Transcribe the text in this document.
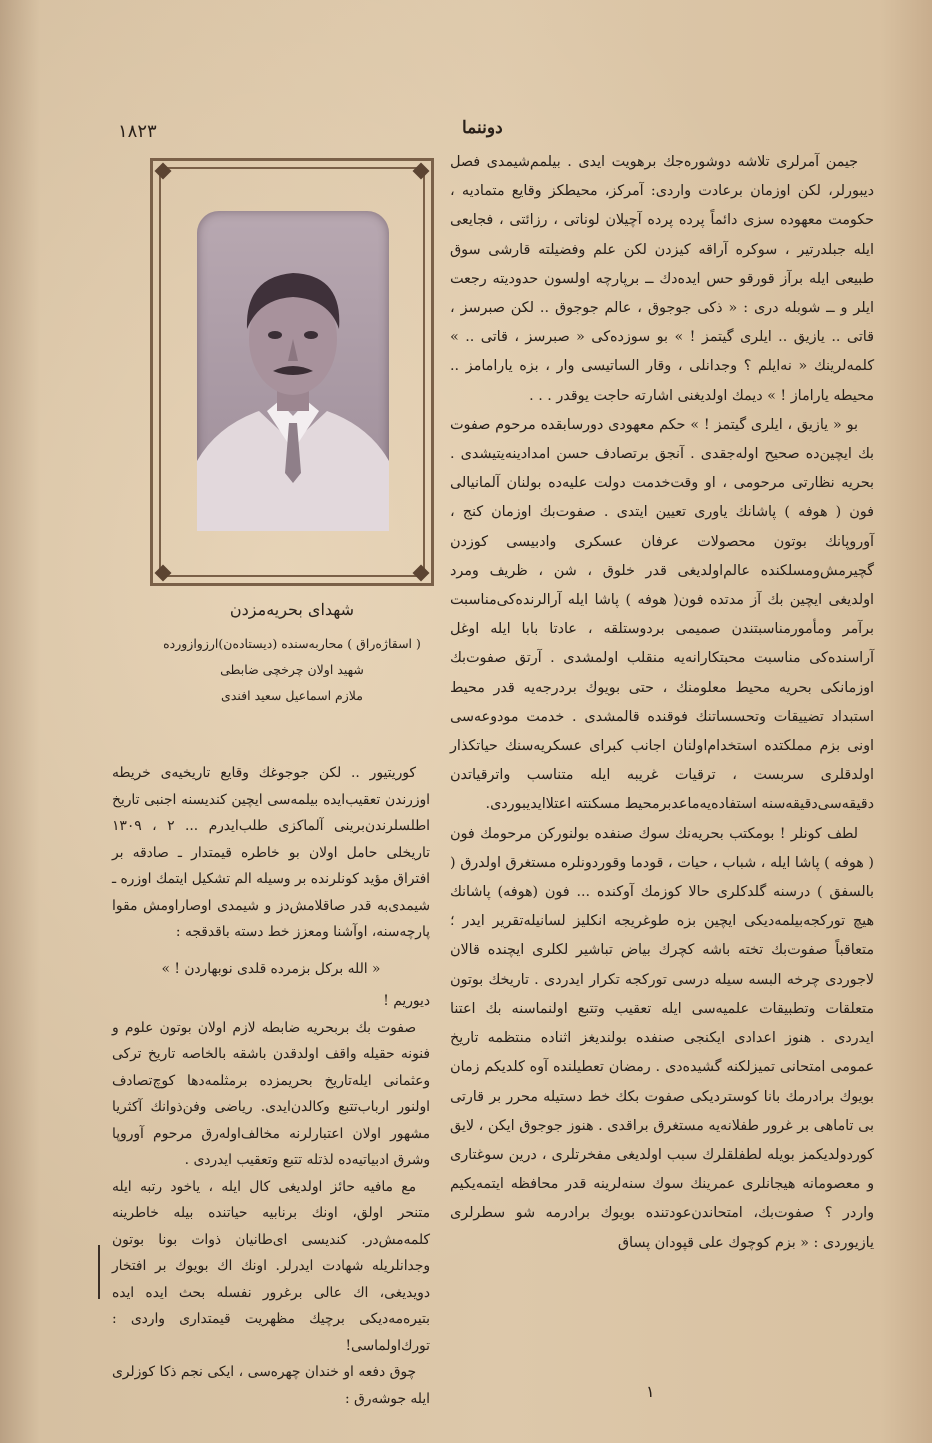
١٨٢٣	دوننما

جیمن آمرلری تلاشه دوشوره‌جك برهویت ایدی . بیلمم‌شیمدی فصل دیبورلر، لکن اوزمان برعادت واردی: آمرکز، محیطکز وقایع متمادیه ، حکومت معهوده سزی دائماً پرده پرده آچیلان لوناتی ، رزائتی ، فجایعی ایله جبلدرتیر ، سوکره آراقه کیزدن لکن علم وفضیلته قارشی سوق طبیعی ایله برآز قورقو حس ایده‌دك ــ برپارچه اولسون حدودیته رجعت ایلر و ــ شوبله دری : « ذکی جوجوق ، عالم جوجوق .. لکن صبرسز ، قاتی .. یازیق .. ایلری گیتمز ! » بو سوزده‌کی « صبرسز ، قاتی .. » کلمه‌لرینك « نه‌ایلم ؟ وجدانلی ، وقار الساتیسی وار ، بزه یارامامز .. محیطه یاراماز ! » دیمك اولدیغنی اشارته حاجت یوقدر . . .

بو « یازیق ، ایلری گیتمز ! » حکم معهودی دورسابقده مرحوم صفوت بك ایچین‌ده صحیح اوله‌جقدی . آنجق برتصادف حسن امدادینه‌یتیشدی . بحریه نظارتی مرحومی ، او وقت‌خدمت دولت علیه‌ده بولنان آلمانیالی فون ( هوفه ) پاشانك یاوری تعیین ایتدی . صفوت‌بك اوزمان کنج ، آورو‌پانك بوتون محصولات عرفان عسکری وادبیسی کوزدن گچیرمش‌ومسلکنده عالم‌اولدیغی قدر خلوق ، شن ، ظریف ومرد اولدیغی ایچین بك آز مدتده فون( هوفه ) پاشا ایله آرالرنده‌کی‌مناسبت برآمر ومأمورمناسبتندن صمیمی بردوستلقه ، عادتا بابا ایله اوغل آراسنده‌کی مناسبت محبتکارانه‌یه منقلب اولمشدی . آرتق صفوت‌بك اوزمانکی بحریه محیط معلومنك ، حتی بویوك بردرجه‌یه قدر محیط استبداد تضییقات وتحسساتنك فوقنده قالمشدی . خدمت مودوعه‌سی اونی بزم مملکتده استخدام‌اولنان اجانب کبرای عسکریه‌سنك حیاتکذار اولدقلری سربست ، ترقیات غریبه ایله متناسب واترقیاتدن دقیقه‌سی‌دقیقه‌سنه استفاده‌یه‌ماعدبرمحیط مسکنته اعتلاایدیبوردی.

لطف کونلر ! بومکتب بحریه‌نك سوك صنفده بولنورکن مرحومك فون ( هوفه ) پاشا ایله ، شباب ، حیات ، قودما وقوردونلره مستغرق اولدرق ( بالسفق ) درسنه گلدکلری حالا کوزمك آوکنده ... فون (هوفه) پاشانك هیچ تورکجه‌بیلمه‌دیکی ایچین بزه طوغریجه انکلیز لسانیله‌تقریر ایدر ؛ متعاقباً صفوت‌بك تخته باشه کچرك بیاض تباشیر لکلری ایچنده قالان لاجوردی چرخه البسه‌ سیله درسی تورکجه تکرار ایدردی . تاریخك بوتون متعلقات وتطبیقات علمیه‌سی ایله تعقیب وتتبع اولنماسنه بك اعتنا ایدردی . هنوز اعدادی ایکنجی صنفده بولندیغز اثناده منتظمه تاریخ عمومی امتحانی تمیزلکنه گشیده‌دی . رمضان تعطیلنده آوه کلدیکم زمان بویوك برادرمك بانا کوستردیکی صفوت بکك خط دستیله محرر بر قارتی بی تاماهی بر غرور طفلانه‌یه مستغرق براقدی . هنوز جوجوق ایکن ، لایق کوردولدیکمز بویله لطفلقلرك سبب اولدیغی مفخرتلری ، درین سوغتاری و معصومانه هیجانلری عمرینك سوك سنه‌لرینه قدر محافظه ایتمه‌یکیم واردر ؟ صفوت‌بك، امتحاندن‌عودتنده بویوك برادرمه شو سطرلری یازیوردی : « بزم کوچوك علی قپودان پساق

شهدای بحریه‌مزدن
( اسقاژه‌راق ) محاربه‌سنده (دیستاده‌ن)ارزوازورده
شهید اولان چرخچی ضابطی
ملازم اسماعیل سعید افندی

کوریتیور .. لکن جوجوغك وقایع تاریخیه‌ی خریطه اوزرندن تعقیب‌ایده بیلمه‌سی ایچین کندیسنه اجنبی تاریخ اطلسلرندن‌برینی آلماکزی طلب‌ایدرم ... ۲ ، ۱۳۰۹ تاریخلی حامل اولان بو خاطره قیمتدار ـ صادقه بر افتراق مؤید کونلرنده بر وسیله‌ الم تشکیل ایتمك اوزره ـ شیمدی‌به قدر صاقلامش‌دز و شیمدی اوصاراومش مقوا پارچه‌سنه، اوآشنا ومعزز خط دسته باقدقجه :

« الله برکل بزمرده قلدی نوبهاردن ! »

دیوریم !

صفوت بك بربحریه ضابطه لازم اولان بوتون علوم و فنونه حقیله واقف اولدقدن باشقه بالخاصه تاریخ ترکی وعثمانی ایله‌تاریخ بحریمزده برمثلمه‌دها کوچ‌تصادف اولنور ارباب‌تتبع وکالدن‌ایدی. ریاضی وفن‌ذوانك آکثریا مشهور اولان اعتبارلرنه مخالف‌اوله‌رق مرحوم آوروپا وشرق ادبیاتیه‌ده لذتله تتبع وتعقیب ایدردی .

مع مافیه حائز اولدیغی کال ایله ، یاخود رتبه ایله متنحر اولق، اونك برنابیه حیاتنده بیله خاطرینه کلمه‌مش‌در. کندیسی ای‌طانیان ذوات بونا بوتون وجدانلریله شهادت ایدرلر. اونك اك بویوك بر افتخار دویدیغی، اك عالی برغرور نفسله بحث ایده‌ ایده بتیره‌مه‌دیکی برچیك مظهریت قیمتداری واردی : تورك‌اولماسی!

چوق دفعه او خندان چهره‌سی ، ایکی نجم ذکا کوزلری ایله جوشه‌رق :	١
